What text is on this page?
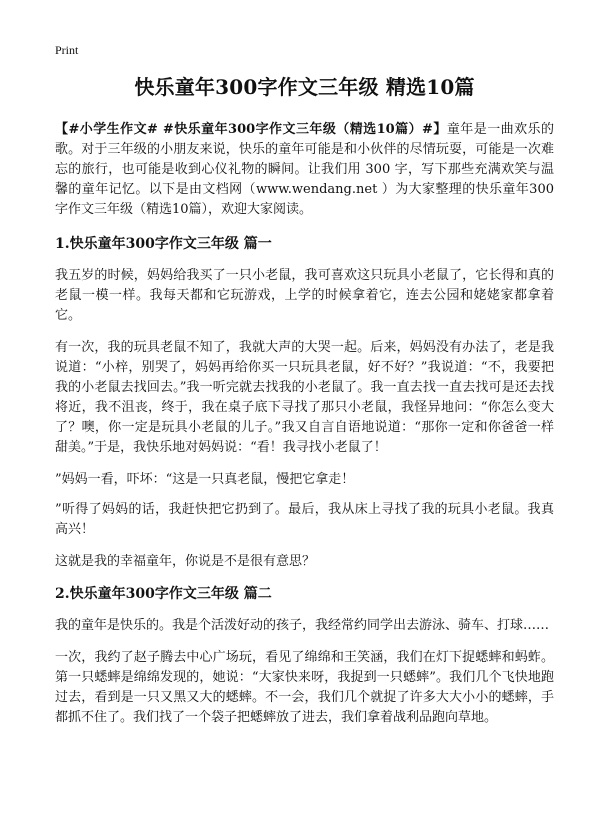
Print
快乐童年300字作文三年级 精选10篇

【#小学生作文# #快乐童年300字作文三年级（精选10篇）#】童年是一曲欢乐的歌。对于三年级的小朋友来说，快乐的童年可能是和小伙伴的尽情玩耍，可能是一次难忘的旅行，也可能是收到心仪礼物的瞬间。让我们用 300 字，写下那些充满欢笑与温馨的童年记忆。以下是由文档网（www.wendang.net ）为大家整理的快乐童年300字作文三年级（精选10篇），欢迎大家阅读。

1.快乐童年300字作文三年级 篇一

我五岁的时候，妈妈给我买了一只小老鼠，我可喜欢这只玩具小老鼠了，它长得和真的老鼠一模一样。我每天都和它玩游戏，上学的时候拿着它，连去公园和姥姥家都拿着它。

有一次，我的玩具老鼠不知了，我就大声的大哭一起。后来，妈妈没有办法了，老是我说道：“小梓，别哭了，妈妈再给你买一只玩具老鼠，好不好？”我说道：“不，我要把我的小老鼠去找回去。”我一听完就去找我的小老鼠了。我一直去找一直去找可是还去找将近，我不沮丧，终于，我在桌子底下寻找了那只小老鼠，我怪异地问：“你怎么变大了？噢，你一定是玩具小老鼠的儿子。”我又自言自语地说道：“那你一定和你爸爸一样甜美。”于是，我快乐地对妈妈说：“看！我寻找小老鼠了！

”妈妈一看，吓坏：“这是一只真老鼠，慢把它拿走！

”听得了妈妈的话，我赶快把它扔到了。最后，我从床上寻找了我的玩具小老鼠。我真高兴！

这就是我的幸福童年，你说是不是很有意思？

2.快乐童年300字作文三年级 篇二

我的童年是快乐的。我是个活泼好动的孩子，我经常约同学出去游泳、骑车、打球……

一次，我约了赵子腾去中心广场玩，看见了绵绵和王笑涵，我们在灯下捉蟋蟀和蚂蚱。第一只蟋蟀是绵绵发现的，她说：“大家快来呀，我捉到一只蟋蟀”。我们几个飞快地跑过去，看到是一只又黑又大的蟋蟀。不一会，我们几个就捉了许多大大小小的蟋蟀，手都抓不住了。我们找了一个袋子把蟋蟀放了进去，我们拿着战利品跑向草地。
